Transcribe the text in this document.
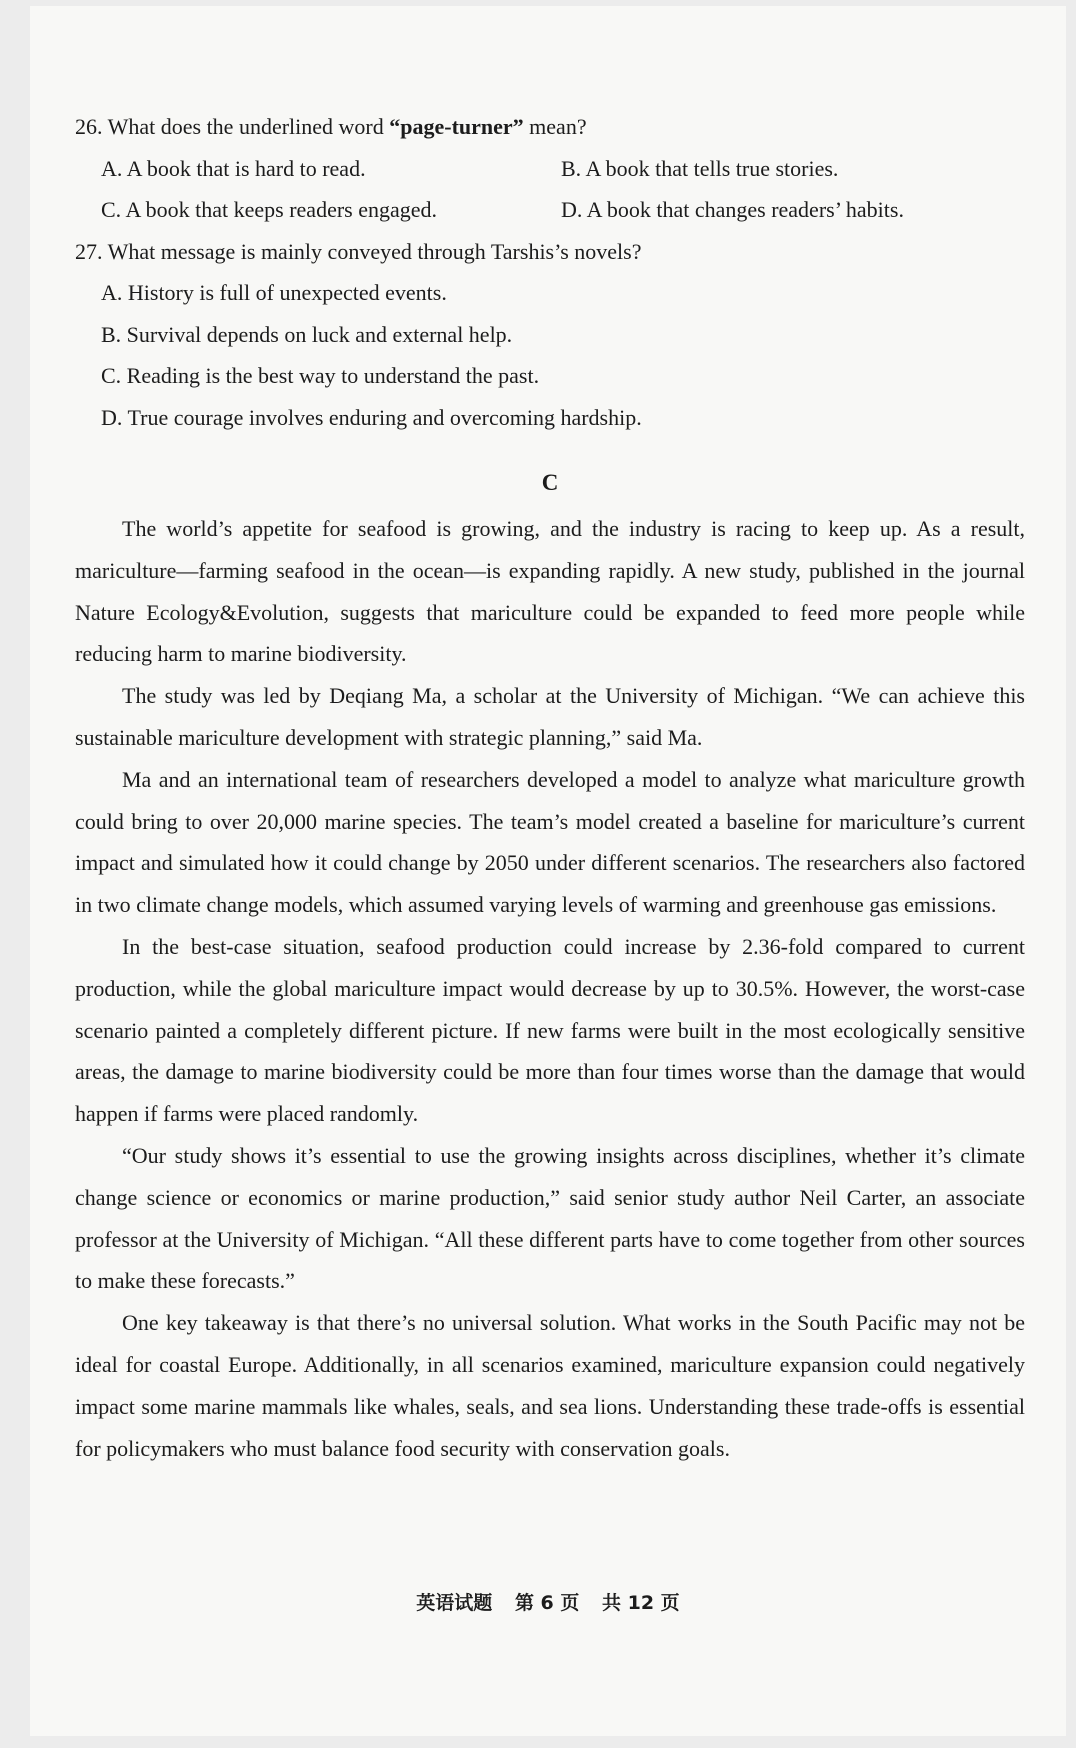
26. What does the underlined word “page-turner” mean?

A. A book that is hard to read.	B. A book that tells true stories.
C. A book that keeps readers engaged.	D. A book that changes readers’ habits.

27. What message is mainly conveyed through Tarshis’s novels?

A. History is full of unexpected events.
B. Survival depends on luck and external help.
C. Reading is the best way to understand the past.
D. True courage involves enduring and overcoming hardship.
C

The world’s appetite for seafood is growing, and the industry is racing to keep up. As a result, mariculture—farming seafood in the ocean—is expanding rapidly. A new study, published in the journal Nature Ecology&Evolution, suggests that mariculture could be expanded to feed more people while reducing harm to marine biodiversity.

The study was led by Deqiang Ma, a scholar at the University of Michigan. “We can achieve this sustainable mariculture development with strategic planning,” said Ma.

Ma and an international team of researchers developed a model to analyze what mariculture growth could bring to over 20,000 marine species. The team’s model created a baseline for mariculture’s current impact and simulated how it could change by 2050 under different scenarios. The researchers also factored in two climate change models, which assumed varying levels of warming and greenhouse gas emissions.

In the best-case situation, seafood production could increase by 2.36-fold compared to current production, while the global mariculture impact would decrease by up to 30.5%. However, the worst-case scenario painted a completely different picture. If new farms were built in the most ecologically sensitive areas, the damage to marine biodiversity could be more than four times worse than the damage that would happen if farms were placed randomly.

“Our study shows it’s essential to use the growing insights across disciplines, whether it’s climate change science or economics or marine production,” said senior study author Neil Carter, an associate professor at the University of Michigan. “All these different parts have to come together from other sources to make these forecasts.”

One key takeaway is that there’s no universal solution. What works in the South Pacific may not be ideal for coastal Europe. Additionally, in all scenarios examined, mariculture expansion could negatively impact some marine mammals like whales, seals, and sea lions. Understanding these trade-offs is essential for policymakers who must balance food security with conservation goals.

英语试题 第 6 页 共 12 页
